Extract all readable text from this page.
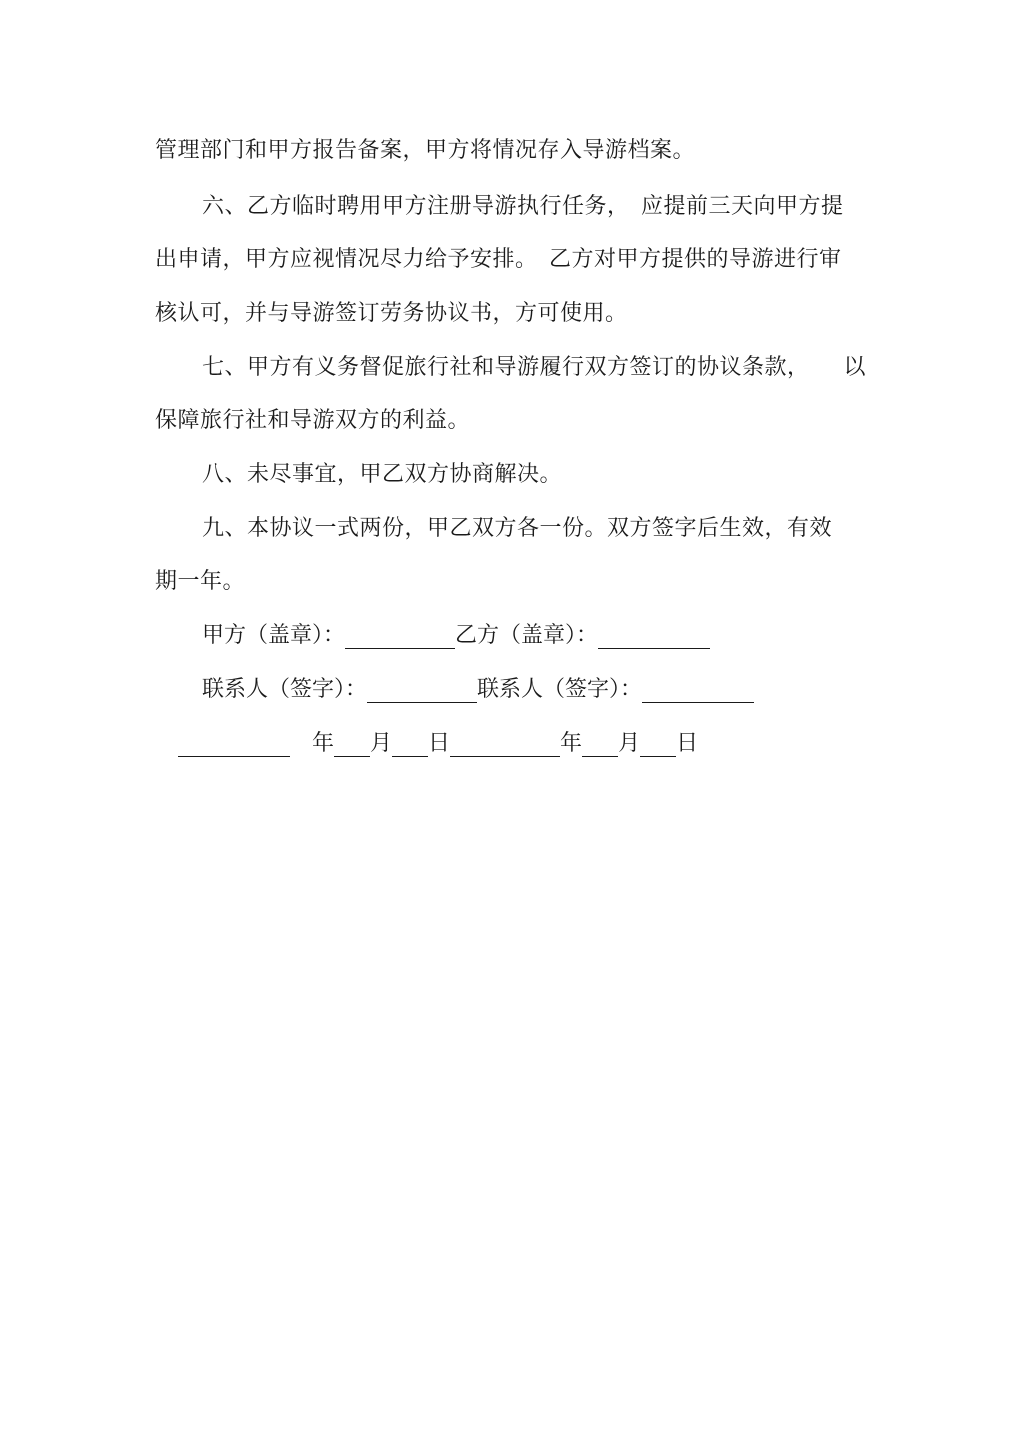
管理部门和甲方报告备案，甲方将情况存入导游档案。
六、乙方临时聘用甲方注册导游执行任务，　应提前三天向甲方提
出申请，甲方应视情况尽力给予安排。　乙方对甲方提供的导游进行审
核认可，并与导游签订劳务协议书，方可使用。
七、甲方有义务督促旅行社和导游履行双方签订的协议条款，　　以
保障旅行社和导游双方的利益。
八、未尽事宜，甲乙双方协商解决。
九、本协议一式两份，甲乙双方各一份。双方签字后生效，有效
期一年。
甲方（盖章）：	乙方（盖章）：
联系人（签字）：	联系人（签字）：
年 月 日	年 月 日
